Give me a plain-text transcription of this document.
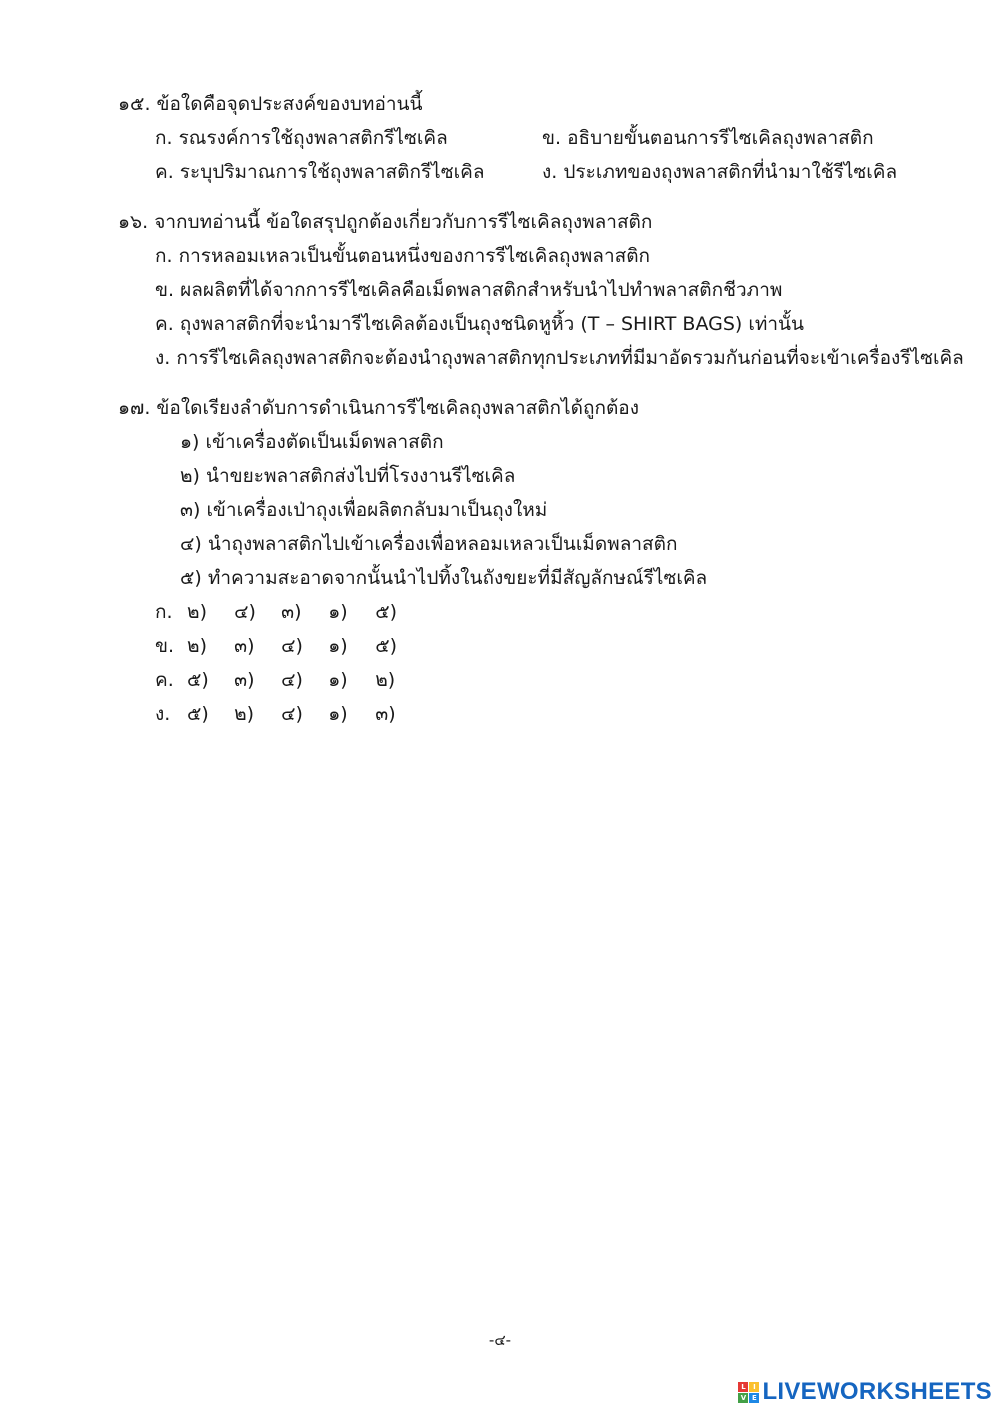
๑๕. ข้อใดคือจุดประสงค์ของบทอ่านนี้
ก. รณรงค์การใช้ถุงพลาสติกรีไซเคิล	ข. อธิบายขั้นตอนการรีไซเคิลถุงพลาสติก
ค. ระบุปริมาณการใช้ถุงพลาสติกรีไซเคิล	ง. ประเภทของถุงพลาสติกที่นำมาใช้รีไซเคิล
๑๖. จากบทอ่านนี้ ข้อใดสรุปถูกต้องเกี่ยวกับการรีไซเคิลถุงพลาสติก
ก. การหลอมเหลวเป็นขั้นตอนหนึ่งของการรีไซเคิลถุงพลาสติก
ข. ผลผลิตที่ได้จากการรีไซเคิลคือเม็ดพลาสติกสำหรับนำไปทำพลาสติกชีวภาพ
ค. ถุงพลาสติกที่จะนำมารีไซเคิลต้องเป็นถุงชนิดหูหิ้ว (T – SHIRT BAGS) เท่านั้น
ง. การรีไซเคิลถุงพลาสติกจะต้องนำถุงพลาสติกทุกประเภทที่มีมาอัดรวมกันก่อนที่จะเข้าเครื่องรีไซเคิล
๑๗. ข้อใดเรียงลำดับการดำเนินการรีไซเคิลถุงพลาสติกได้ถูกต้อง
๑) เข้าเครื่องตัดเป็นเม็ดพลาสติก
๒) นำขยะพลาสติกส่งไปที่โรงงานรีไซเคิล
๓) เข้าเครื่องเป่าถุงเพื่อผลิตกลับมาเป็นถุงใหม่
๔) นำถุงพลาสติกไปเข้าเครื่องเพื่อหลอมเหลวเป็นเม็ดพลาสติก
๕) ทำความสะอาดจากนั้นนำไปทิ้งในถังขยะที่มีสัญลักษณ์รีไซเคิล
ก. ๒) ๔) ๓) ๑) ๕)
ข. ๒) ๓) ๔) ๑) ๕)
ค. ๕) ๓) ๔) ๑) ๒)
ง. ๕) ๒) ๔) ๑) ๓)
-๔-
L	I
V E LIVEWORKSHEETS
